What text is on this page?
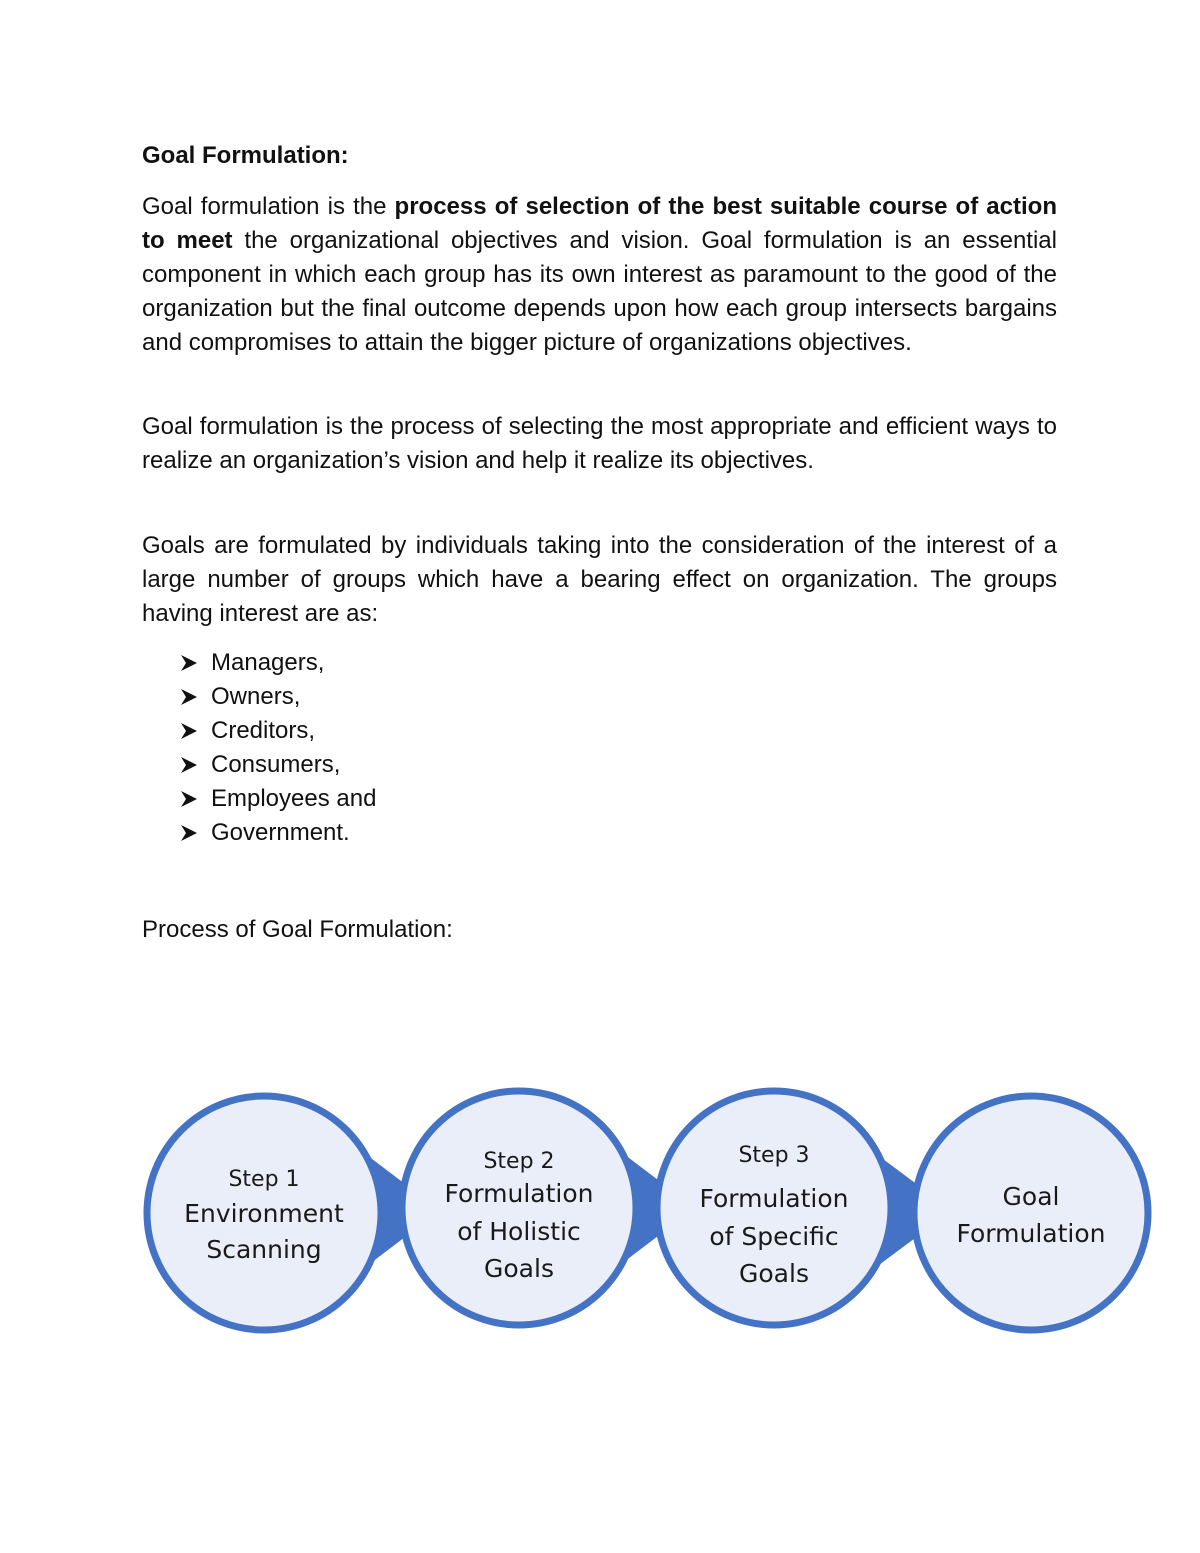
Goal Formulation:

Goal formulation is the process of selection of the best suitable course of action to meet the organizational objectives and vision. Goal formulation is an essential component in which each group has its own interest as paramount to the good of the organization but the final outcome depends upon how each group intersects bargains and compromises to attain the bigger picture of organizations objectives.

Goal formulation is the process of selecting the most appropriate and efficient ways to realize an organization’s vision and help it realize its objectives.

Goals are formulated by individuals taking into the consideration of the interest of a large number of groups which have a bearing effect on organization. The groups having interest are as:

Managers,
Owners,
Creditors,
Consumers,
Employees and
Government.

Process of Goal Formulation:

Step 1
Environment
Scanning
Step 2
Formulation
of Holistic
Goals
Step 3
Formulation
of Specific
Goals
Goal
Formulation
